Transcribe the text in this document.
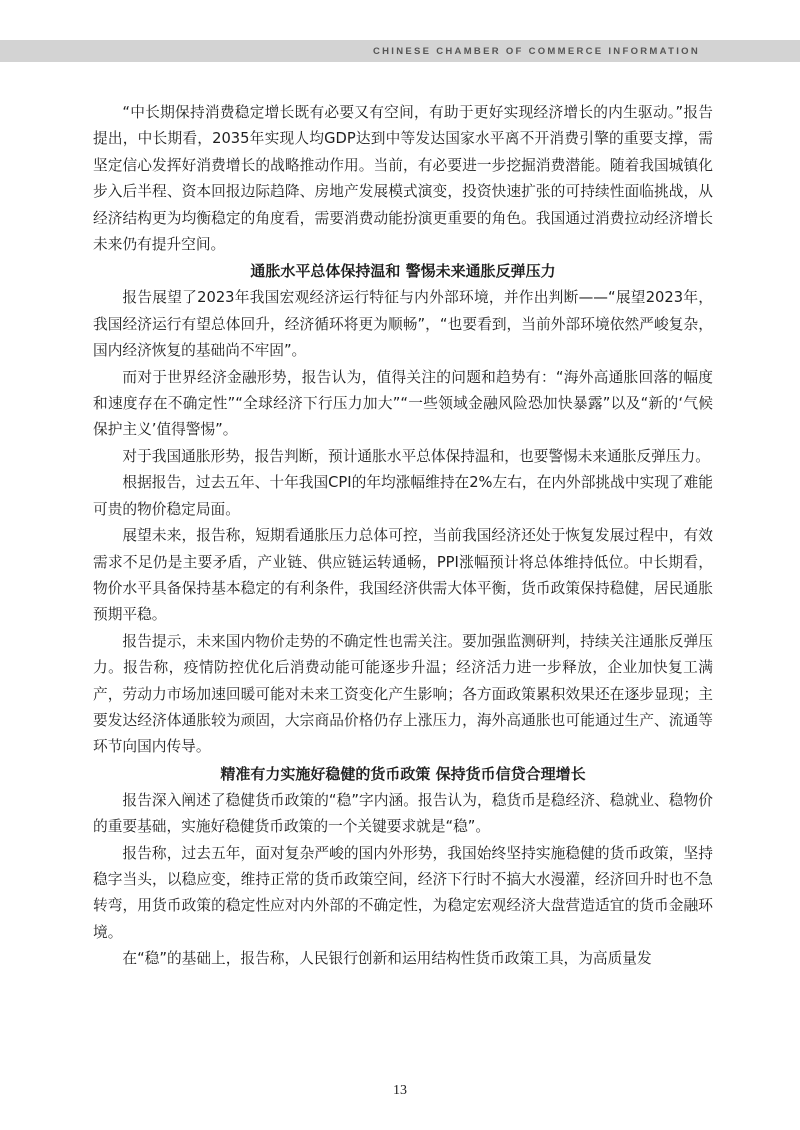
CHINESE CHAMBER OF COMMERCE INFORMATION

“中长期保持消费稳定增长既有必要又有空间，有助于更好实现经济增长的内生驱动。”报告提出，中长期看，2035年实现人均GDP达到中等发达国家水平离不开消费引擎的重要支撑，需坚定信心发挥好消费增长的战略推动作用。当前，有必要进一步挖掘消费潜能。随着我国城镇化步入后半程、资本回报边际趋降、房地产发展模式演变，投资快速扩张的可持续性面临挑战，从经济结构更为均衡稳定的角度看，需要消费动能扮演更重要的角色。我国通过消费拉动经济增长未来仍有提升空间。

通胀水平总体保持温和 警惕未来通胀反弹压力

报告展望了2023年我国宏观经济运行特征与内外部环境，并作出判断——“展望2023年，我国经济运行有望总体回升，经济循环将更为顺畅”，“也要看到，当前外部环境依然严峻复杂，国内经济恢复的基础尚不牢固”。

而对于世界经济金融形势，报告认为，值得关注的问题和趋势有：“海外高通胀回落的幅度和速度存在不确定性”“全球经济下行压力加大”“一些领域金融风险恐加快暴露”以及“新的‘气候保护主义’值得警惕”。

对于我国通胀形势，报告判断，预计通胀水平总体保持温和，也要警惕未来通胀反弹压力。

根据报告，过去五年、十年我国CPI的年均涨幅维持在2%左右，在内外部挑战中实现了难能可贵的物价稳定局面。

展望未来，报告称，短期看通胀压力总体可控，当前我国经济还处于恢复发展过程中，有效需求不足仍是主要矛盾，产业链、供应链运转通畅，PPI涨幅预计将总体维持低位。中长期看，物价水平具备保持基本稳定的有利条件，我国经济供需大体平衡，货币政策保持稳健，居民通胀预期平稳。

报告提示，未来国内物价走势的不确定性也需关注。要加强监测研判，持续关注通胀反弹压力。报告称，疫情防控优化后消费动能可能逐步升温；经济活力进一步释放，企业加快复工满产，劳动力市场加速回暖可能对未来工资变化产生影响；各方面政策累积效果还在逐步显现；主要发达经济体通胀较为顽固，大宗商品价格仍存上涨压力，海外高通胀也可能通过生产、流通等环节向国内传导。

精准有力实施好稳健的货币政策 保持货币信贷合理增长

报告深入阐述了稳健货币政策的“稳”字内涵。报告认为，稳货币是稳经济、稳就业、稳物价的重要基础，实施好稳健货币政策的一个关键要求就是“稳”。

报告称，过去五年，面对复杂严峻的国内外形势，我国始终坚持实施稳健的货币政策，坚持稳字当头，以稳应变，维持正常的货币政策空间，经济下行时不搞大水漫灌，经济回升时也不急转弯，用货币政策的稳定性应对内外部的不确定性，为稳定宏观经济大盘营造适宜的货币金融环境。

在“稳”的基础上，报告称，人民银行创新和运用结构性货币政策工具，为高质量发

13
